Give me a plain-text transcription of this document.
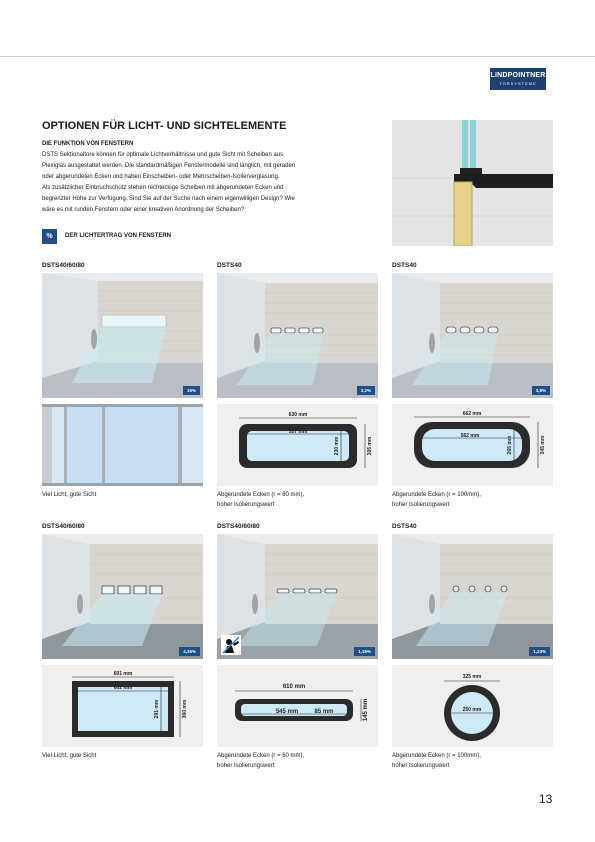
LINDPOINTNER
TORSYSTEME
OPTIONEN FÜR LICHT- UND SICHTELEMENTE
DIE FUNKTION VON FENSTERN

DSTS Sektionaltore können für optimale Lichtverhältnisse und gute Sicht mit Scheiben aus
Plexiglas ausgestattet werden. Die standardmäßigen Fenstermodelle sind länglich, mit geraden
oder abgerundeten Ecken und haben Einscheiben- oder Mehrscheiben-Isolierverglasung.
Als zusätzlicher Einbruchschutz stehen rechteckige Scheiben mit abgerundeten Ecken und
begrenzter Höhe zur Verfügung. Sind Sie auf der Suche nach einem eigenwilligen Design? Wie
wäre es mit runden Fenstern oder einer kreativen Anordnung der Scheiben?

%	DER LICHTERTRAG VON FENSTERN
DSTS40/60/80	DSTS40	DSTS40
15%	3,2%	3,8%
630 mm
557 mm
230 mm	305 mm
662 mm
562 mm	265 mm	345 mm
Viel Licht, gute Sicht	Abgerundete Ecken (r = 60 mm),
hoher Isolierungswert
Abgerundete Ecken (r = 100mm),
hoher Isolierungswert
DSTS40/60/80	DSTS40/60/80	DSTS40
4,35%	1,15%	1,23%
601 mm
602 mm
291 mm	360 mm
610 mm
545 mm	85 mm	145 mm
325 mm
250 mm
Viel Licht, gute Sicht	Abgerundete Ecken (r = 60 mm),
hoher Isolierungswert
Abgerundete Ecken (r = 100mm),
hoher Isolierungswert
13
